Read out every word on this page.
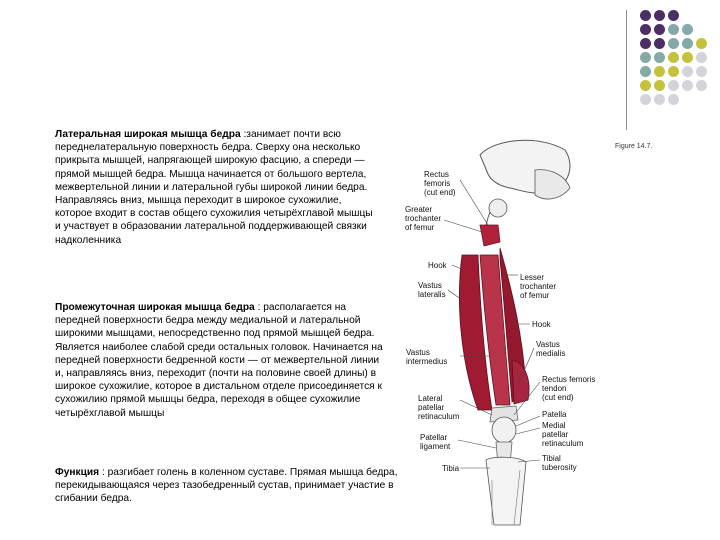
Латеральная широкая мышца бедра :занимает почти всю переднелатеральную поверхность бедра. Сверху она несколько прикрыта мышцей, напрягающей широкую фасцию, а спереди — прямой мышцей бедра. Мышца начинается от большого вертела, межвертельной линии и латеральной губы широкой линии бедра. Направляясь вниз, мышца переходит в широкое сухожилие, которое входит в состав общего сухожилия четырёхглавой мышцы и участвует в образовании латеральной поддерживающей связки надколенника
Промежуточная широкая мышца бедра : располагается на передней поверхности бедра между медиальной и латеральной широкими мышцами, непосредственно под прямой мышцей бедра. Является наиболее слабой среди остальных головок. Начинается на передней поверхности бедренной кости — от межвертельной линии и, направляясь вниз, переходит (почти на половине своей длины) в широкое сухожилие, которое в дистальном отделе присоединяется к сухожилию прямой мышцы бедра, переходя в общее сухожилие четырёхглавой мышцы
Функция : разгибает голень в коленном суставе. Прямая мышца бедра, перекидывающаяся через тазобедренный сустав, принимает участие в сгибании бедра.
Figure 14.7.
Rectus
femoris
(cut end)
Greater
trochanter
of femur
Hook
Vastus
lateralis
Lesser
trochanter
of femur
Hook
Vastus
medialis
Vastus
intermedius
Rectus femoris
tendon
(cut end)
Lateral
patellar
retinaculum	Patella
Medial
patellar
retinaculum
Patellar
ligament
Tibia
Tibial
tuberosity
